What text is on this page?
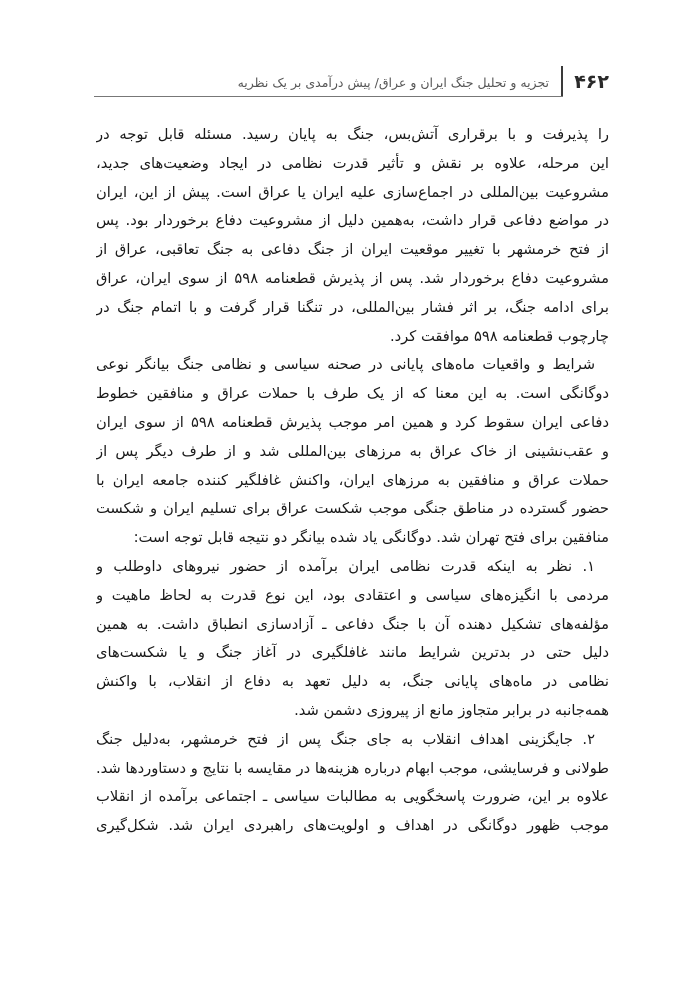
۴۶۲
تجزیه و تحلیل جنگ ایران و عراق/ پیش درآمدی بر یک نظریه
را پذیرفت و با برقراری آتش‌بس، جنگ به پایان رسید. مسئله قابل توجه در
این مرحله، علاوه بر نقش و تأثیر قدرت نظامی در ایجاد وضعیت‌های جدید،
مشروعیت بین‌المللی در اجماع‌سازی علیه ایران یا عراق است. پیش از این، ایران
در مواضع دفاعی قرار داشت، به‌همین دلیل از مشروعیت دفاع برخوردار بود. پس
از فتح خرمشهر با تغییر موقعیت ایران از جنگ دفاعی به جنگ تعاقبی، عراق از
مشروعیت دفاع برخوردار شد. پس از پذیرش قطعنامه ۵۹۸ از سوی ایران، عراق
برای ادامه جنگ، بر اثر فشار بین‌المللی، در تنگنا قرار گرفت و با اتمام جنگ در
چارچوب قطعنامه ۵۹۸ موافقت کرد.
شرایط و واقعیات ماه‌های پایانی در صحنه سیاسی و نظامی جنگ بیانگر نوعی
دوگانگی است. به این معنا که از یک طرف با حملات عراق و منافقین خطوط
دفاعی ایران سقوط کرد و همین امر موجب پذیرش قطعنامه ۵۹۸ از سوی ایران
و عقب‌نشینی از خاک عراق به مرزهای بین‌المللی شد و از طرف دیگر پس از
حملات عراق و منافقین به مرزهای ایران، واکنش غافلگیر کننده جامعه ایران با
حضور گسترده در مناطق جنگی موجب شکست عراق برای تسلیم ایران و شکست
منافقین برای فتح تهران شد. دوگانگی یاد شده بیانگر دو نتیجه قابل توجه است:
۱. نظر به اینکه قدرت نظامی ایران برآمده از حضور نیروهای داوطلب و
مردمی با انگیزه‌های سیاسی و اعتقادی بود، این نوع قدرت به لحاظ ماهیت و
مؤلفه‌های تشکیل دهنده آن با جنگ دفاعی ـ آزادسازی انطباق داشت. به همین
دلیل حتی در بدترین شرایط مانند غافلگیری در آغاز جنگ و یا شکست‌های
نظامی در ماه‌های پایانی جنگ، به دلیل تعهد به دفاع از انقلاب، با واکنش
همه‌جانبه در برابر متجاوز مانع از پیروزی دشمن شد.
۲. جایگزینی اهداف انقلاب به جای جنگ پس از فتح خرمشهر، به‌دلیل جنگ
طولانی و فرسایشی، موجب ابهام درباره هزینه‌ها در مقایسه با نتایج و دستاوردها شد.
علاوه بر این، ضرورت پاسخگویی به مطالبات سیاسی ـ اجتماعی برآمده از انقلاب
موجب ظهور دوگانگی در اهداف و اولویت‌های راهبردی ایران شد. شکل‌گیری
